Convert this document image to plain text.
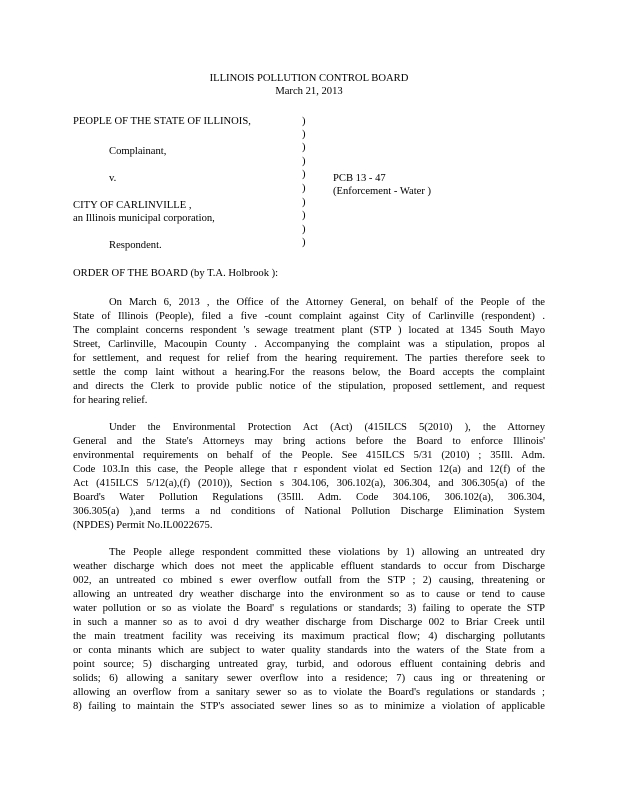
ILLINOIS POLLUTION CONTROL BOARD
March 21, 2013
PEOPLE OF THE STATE OF ILLINOIS,
Complainant,
v.
CITY OF CARLINVILLE ,
an Illinois municipal corporation,
Respondent.
PCB 13 - 47
(Enforcement - Water )
)
)
)
)
)
)
)
)
)
)
ORDER OF THE BOARD (by T.A. Holbrook ):
On March 6, 2013 , the Office of the Attorney General, on behalf of the People of the
State of Illinois (People), filed a five -count complaint against City of Carlinville (respondent) .
The complaint concerns respondent 's sewage treatment plant (STP ) located at 1345 South Mayo
Street, Carlinville, Macoupin County . Accompanying the complaint was a stipulation, propos al
for settlement, and request for relief from the hearing requirement. The parties therefore seek to
settle the comp laint without a hearing.For the reasons below, the Board accepts the complaint
and directs the Clerk to provide public notice of the stipulation, proposed settlement, and request
for hearing relief.
Under the Environmental Protection Act (Act) (415ILCS 5(2010) ), the Attorney
General and the State's Attorneys may bring actions before the Board to enforce Illinois'
environmental requirements on behalf of the People. See 415ILCS 5/31 (2010) ; 35Ill. Adm.
Code 103.In this case, the People allege that r espondent violat ed Section 12(a) and 12(f) of the
Act (415ILCS 5/12(a),(f) (2010)), Section s 304.106, 306.102(a), 306.304, and 306.305(a) of the
Board's Water Pollution Regulations (35Ill. Adm. Code 304.106, 306.102(a), 306.304,
306.305(a) ),and terms a nd conditions of National Pollution Discharge Elimination System
(NPDES) Permit No.IL0022675.
The People allege respondent committed these violations by 1) allowing an untreated dry
weather discharge which does not meet the applicable effluent standards to occur from Discharge
002, an untreated co mbined s ewer overflow outfall from the STP ; 2) causing, threatening or
allowing an untreated dry weather discharge into the environment so as to cause or tend to cause
water pollution or so as violate the Board' s regulations or standards; 3) failing to operate the STP
in such a manner so as to avoi d dry weather discharge from Discharge 002 to Briar Creek until
the main treatment facility was receiving its maximum practical flow; 4) discharging pollutants
or conta minants which are subject to water quality standards into the waters of the State from a
point source; 5) discharging untreated gray, turbid, and odorous effluent containing debris and
solids; 6) allowing a sanitary sewer overflow into a residence; 7) caus ing or threatening or
allowing an overflow from a sanitary sewer so as to violate the Board's regulations or standards ;
8) failing to maintain the STP's associated sewer lines so as to minimize a violation of applicable
